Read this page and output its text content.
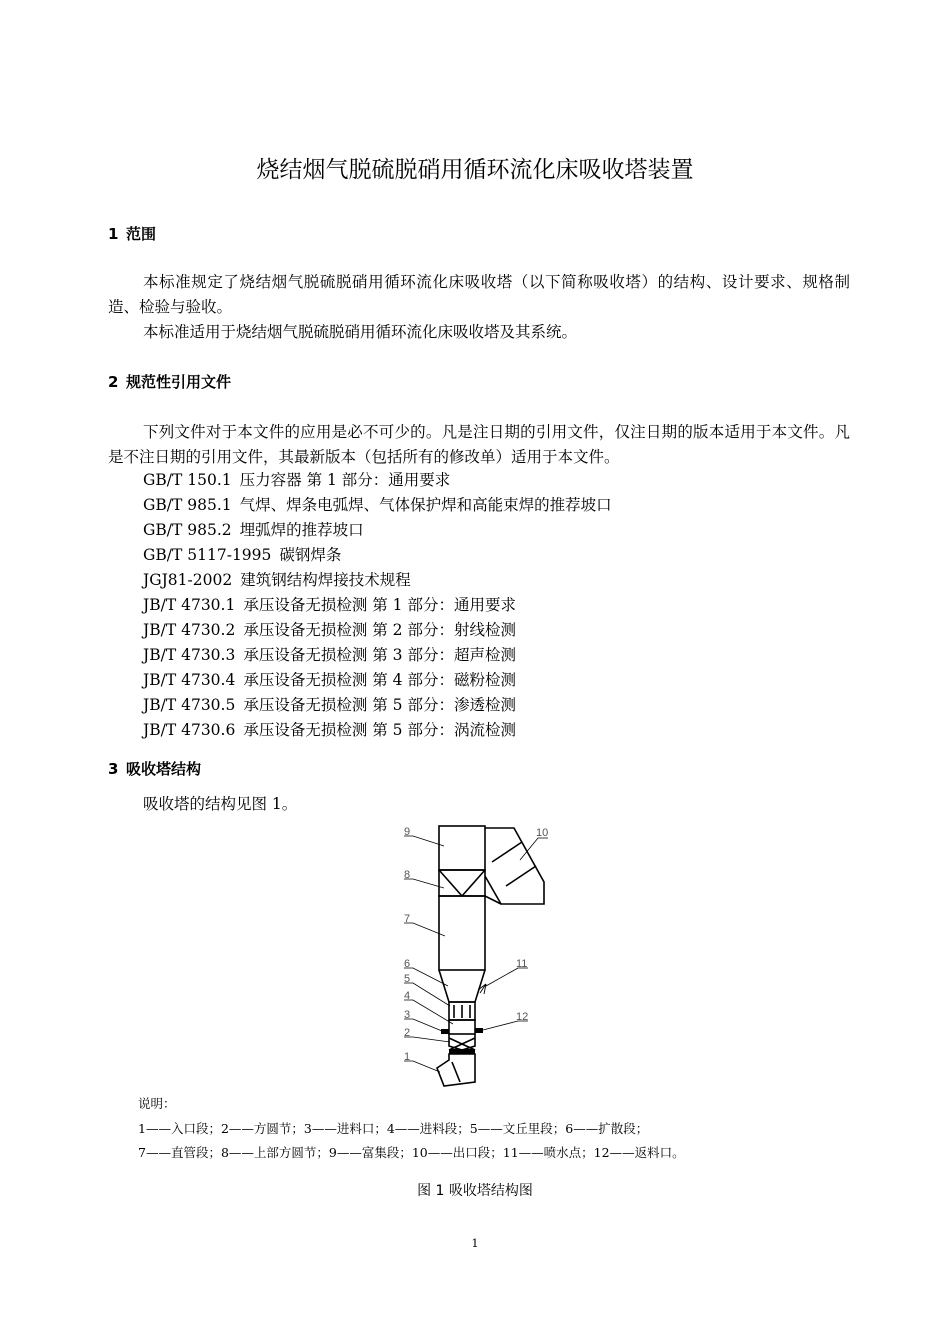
烧结烟气脱硫脱硝用循环流化床吸收塔装置
1 范围
本标准规定了烧结烟气脱硫脱硝用循环流化床吸收塔（以下简称吸收塔）的结构、设计要求、规格制造、检验与验收。
本标准适用于烧结烟气脱硫脱硝用循环流化床吸收塔及其系统。
2 规范性引用文件
下列文件对于本文件的应用是必不可少的。凡是注日期的引用文件，仅注日期的版本适用于本文件。凡是不注日期的引用文件，其最新版本（包括所有的修改单）适用于本文件。
GB/T 150.1 压力容器 第 1 部分：通用要求
GB/T 985.1 气焊、焊条电弧焊、气体保护焊和高能束焊的推荐坡口
GB/T 985.2 埋弧焊的推荐坡口
GB/T 5117-1995 碳钢焊条
JGJ81-2002 建筑钢结构焊接技术规程
JB/T 4730.1 承压设备无损检测 第 1 部分：通用要求
JB/T 4730.2 承压设备无损检测 第 2 部分：射线检测
JB/T 4730.3 承压设备无损检测 第 3 部分：超声检测
JB/T 4730.4 承压设备无损检测 第 4 部分：磁粉检测
JB/T 4730.5 承压设备无损检测 第 5 部分：渗透检测
JB/T 4730.6 承压设备无损检测 第 5 部分：涡流检测
3 吸收塔结构
吸收塔的结构见图 1。
1
2
3
4
5
6
7
8
9	10
11
12
说明：
1——入口段；2——方圆节；3——进料口；4——进料段；5——文丘里段；6——扩散段；
7——直管段；8——上部方圆节；9——富集段；10——出口段；11——喷水点；12——返料口。
图 1 吸收塔结构图
1
